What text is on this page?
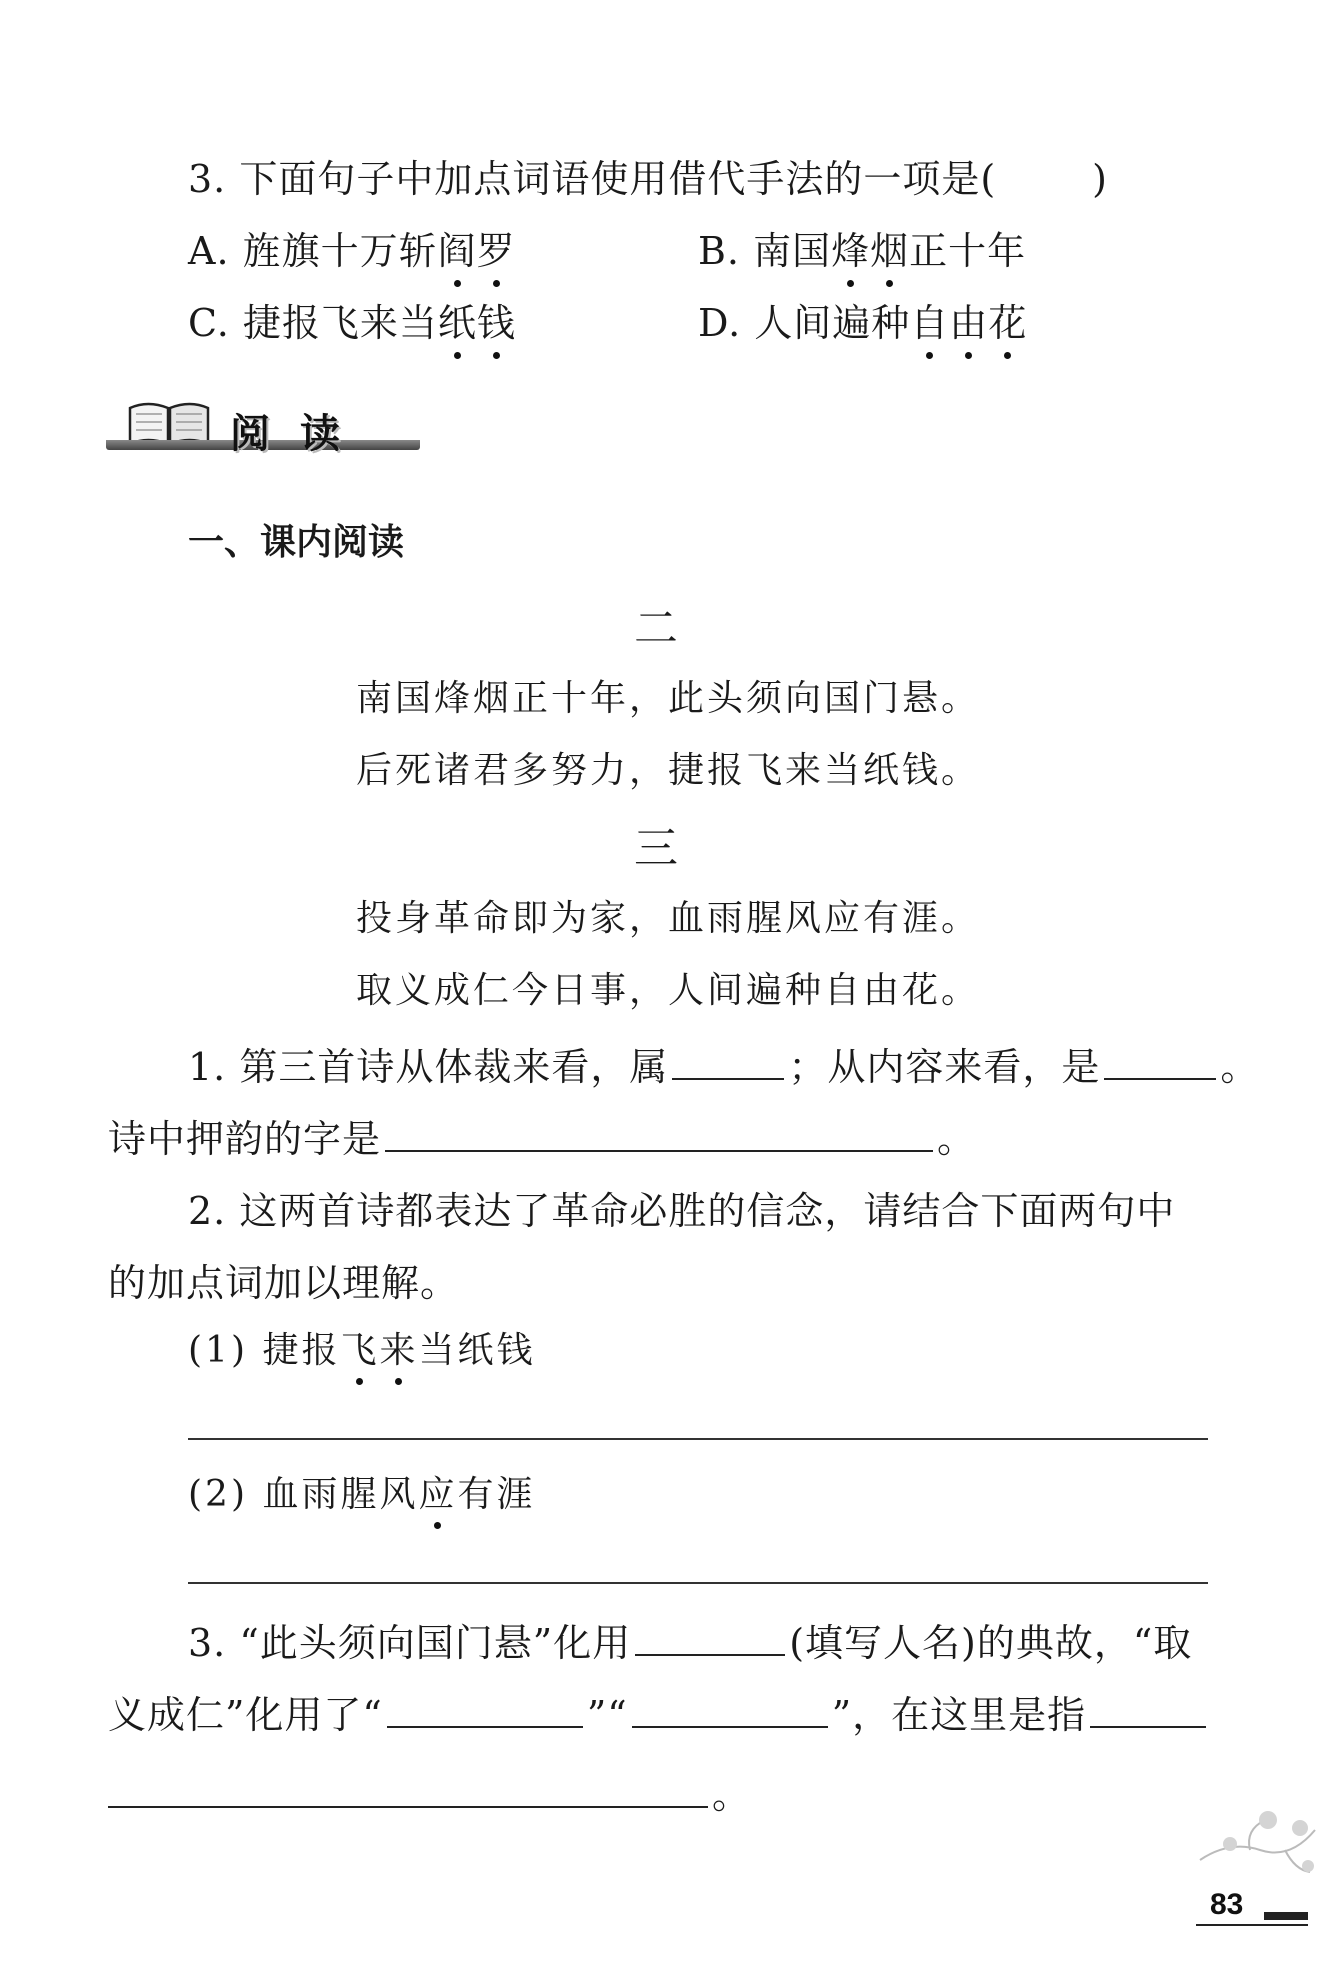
3. 下面句子中加点词语使用借代手法的一项是(	)
A. 旌旗十万斩阎罗	B. 南国烽烟正十年
C. 捷报飞来当纸钱	D. 人间遍种自由花
阅读
一、课内阅读
二
南国烽烟正十年，此头须向国门悬。
后死诸君多努力，捷报飞来当纸钱。
三
投身革命即为家，血雨腥风应有涯。
取义成仁今日事，人间遍种自由花。
1. 第三首诗从体裁来看，属	；从内容来看，是	。
诗中押韵的字是	。
2. 这两首诗都表达了革命必胜的信念，请结合下面两句中
的加点词加以理解。
(1) 捷报飞来当纸钱
(2) 血雨腥风应有涯
3. “此头须向国门悬”化用	(填写人名)的典故，“取
义成仁”化用了“	”“	”，在这里是指
。
83
